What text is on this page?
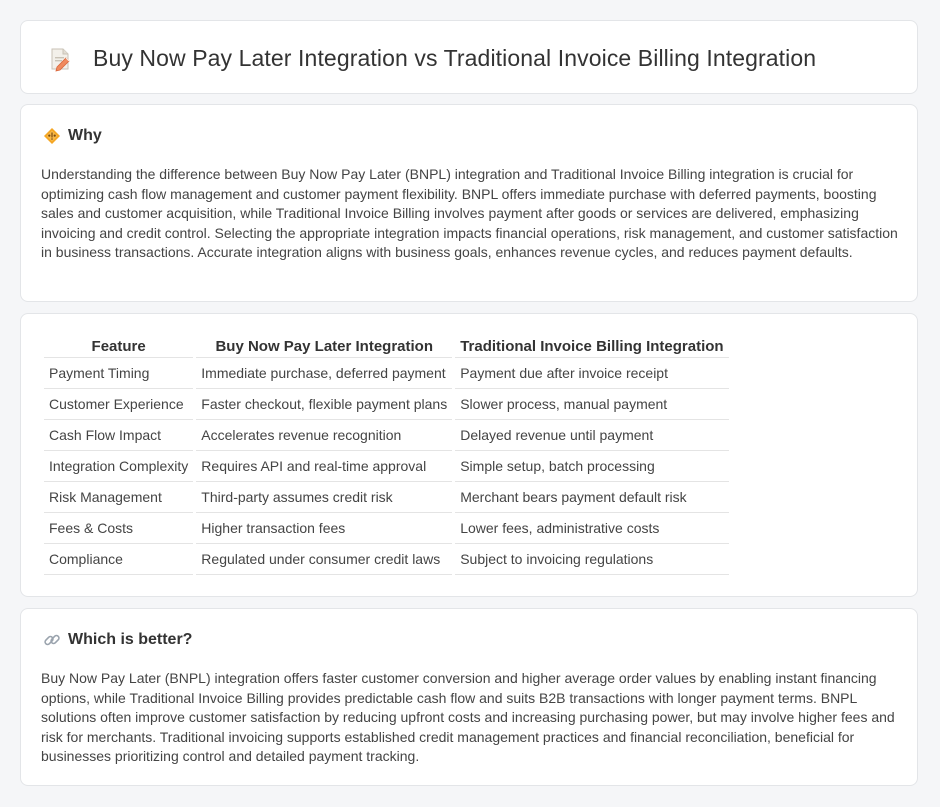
Buy Now Pay Later Integration vs Traditional Invoice Billing Integration
Why

Understanding the difference between Buy Now Pay Later (BNPL) integration and Traditional Invoice Billing integration is crucial for optimizing cash flow management and customer payment flexibility. BNPL offers immediate purchase with deferred payments, boosting sales and customer acquisition, while Traditional Invoice Billing involves payment after goods or services are delivered, emphasizing invoicing and credit control. Selecting the appropriate integration impacts financial operations, risk management, and customer satisfaction in business transactions. Accurate integration aligns with business goals, enhances revenue cycles, and reduces payment defaults.

Feature	Buy Now Pay Later Integration	Traditional Invoice Billing Integration
Payment Timing	Immediate purchase, deferred payment	Payment due after invoice receipt
Customer Experience	Faster checkout, flexible payment plans	Slower process, manual payment
Cash Flow Impact	Accelerates revenue recognition	Delayed revenue until payment
Integration Complexity	Requires API and real-time approval	Simple setup, batch processing
Risk Management	Third-party assumes credit risk	Merchant bears payment default risk
Fees & Costs	Higher transaction fees	Lower fees, administrative costs
Compliance	Regulated under consumer credit laws	Subject to invoicing regulations
Which is better?

Buy Now Pay Later (BNPL) integration offers faster customer conversion and higher average order values by enabling instant financing options, while Traditional Invoice Billing provides predictable cash flow and suits B2B transactions with longer payment terms. BNPL solutions often improve customer satisfaction by reducing upfront costs and increasing purchasing power, but may involve higher fees and risk for merchants. Traditional invoicing supports established credit management practices and financial reconciliation, beneficial for businesses prioritizing control and detailed payment tracking.
